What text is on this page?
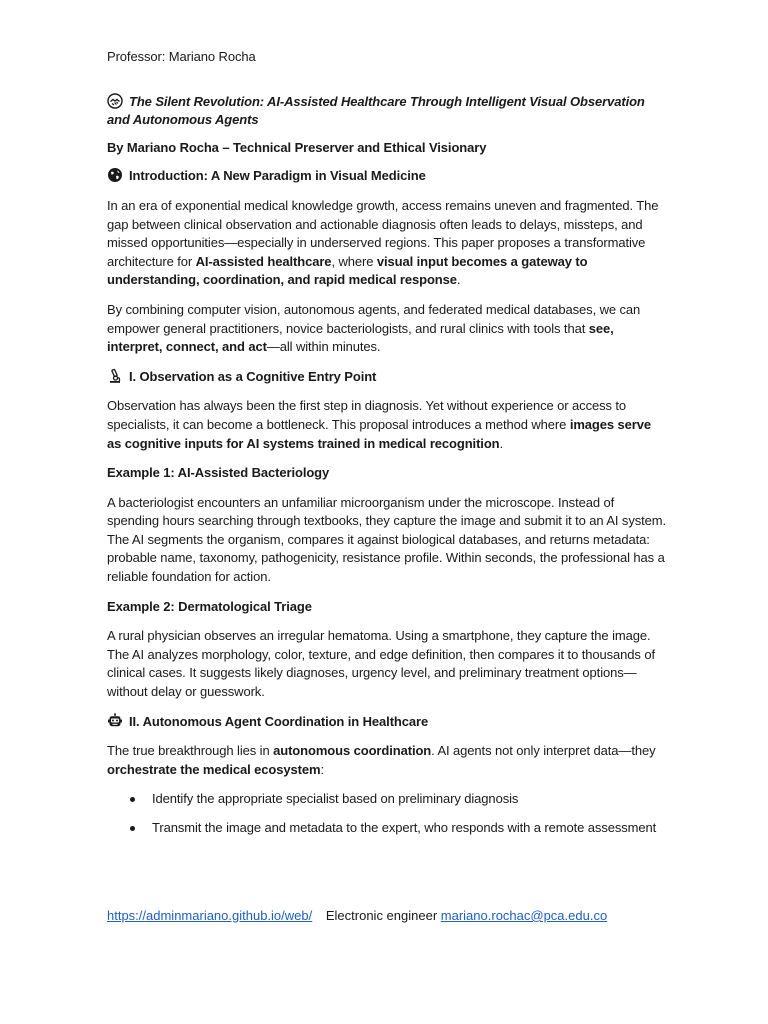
Professor: Mariano Rocha
The Silent Revolution: AI-Assisted Healthcare Through Intelligent Visual Observation and Autonomous Agents
By Mariano Rocha – Technical Preserver and Ethical Visionary
Introduction: A New Paradigm in Visual Medicine

In an era of exponential medical knowledge growth, access remains uneven and fragmented. The gap between clinical observation and actionable diagnosis often leads to delays, missteps, and missed opportunities—especially in underserved regions. This paper proposes a transformative architecture for AI-assisted healthcare, where visual input becomes a gateway to understanding, coordination, and rapid medical response.

By combining computer vision, autonomous agents, and federated medical databases, we can empower general practitioners, novice bacteriologists, and rural clinics with tools that see, interpret, connect, and act—all within minutes.

I. Observation as a Cognitive Entry Point

Observation has always been the first step in diagnosis. Yet without experience or access to specialists, it can become a bottleneck. This proposal introduces a method where images serve as cognitive inputs for AI systems trained in medical recognition.

Example 1: AI-Assisted Bacteriology

A bacteriologist encounters an unfamiliar microorganism under the microscope. Instead of spending hours searching through textbooks, they capture the image and submit it to an AI system. The AI segments the organism, compares it against biological databases, and returns metadata: probable name, taxonomy, pathogenicity, resistance profile. Within seconds, the professional has a reliable foundation for action.

Example 2: Dermatological Triage

A rural physician observes an irregular hematoma. Using a smartphone, they capture the image. The AI analyzes morphology, color, texture, and edge definition, then compares it to thousands of clinical cases. It suggests likely diagnoses, urgency level, and preliminary treatment options—without delay or guesswork.

II. Autonomous Agent Coordination in Healthcare

The true breakthrough lies in autonomous coordination. AI agents not only interpret data—they orchestrate the medical ecosystem:

Identify the appropriate specialist based on preliminary diagnosis
Transmit the image and metadata to the expert, who responds with a remote assessment
https://adminmariano.github.io/web/ Electronic engineer mariano.rochac@pca.edu.co
